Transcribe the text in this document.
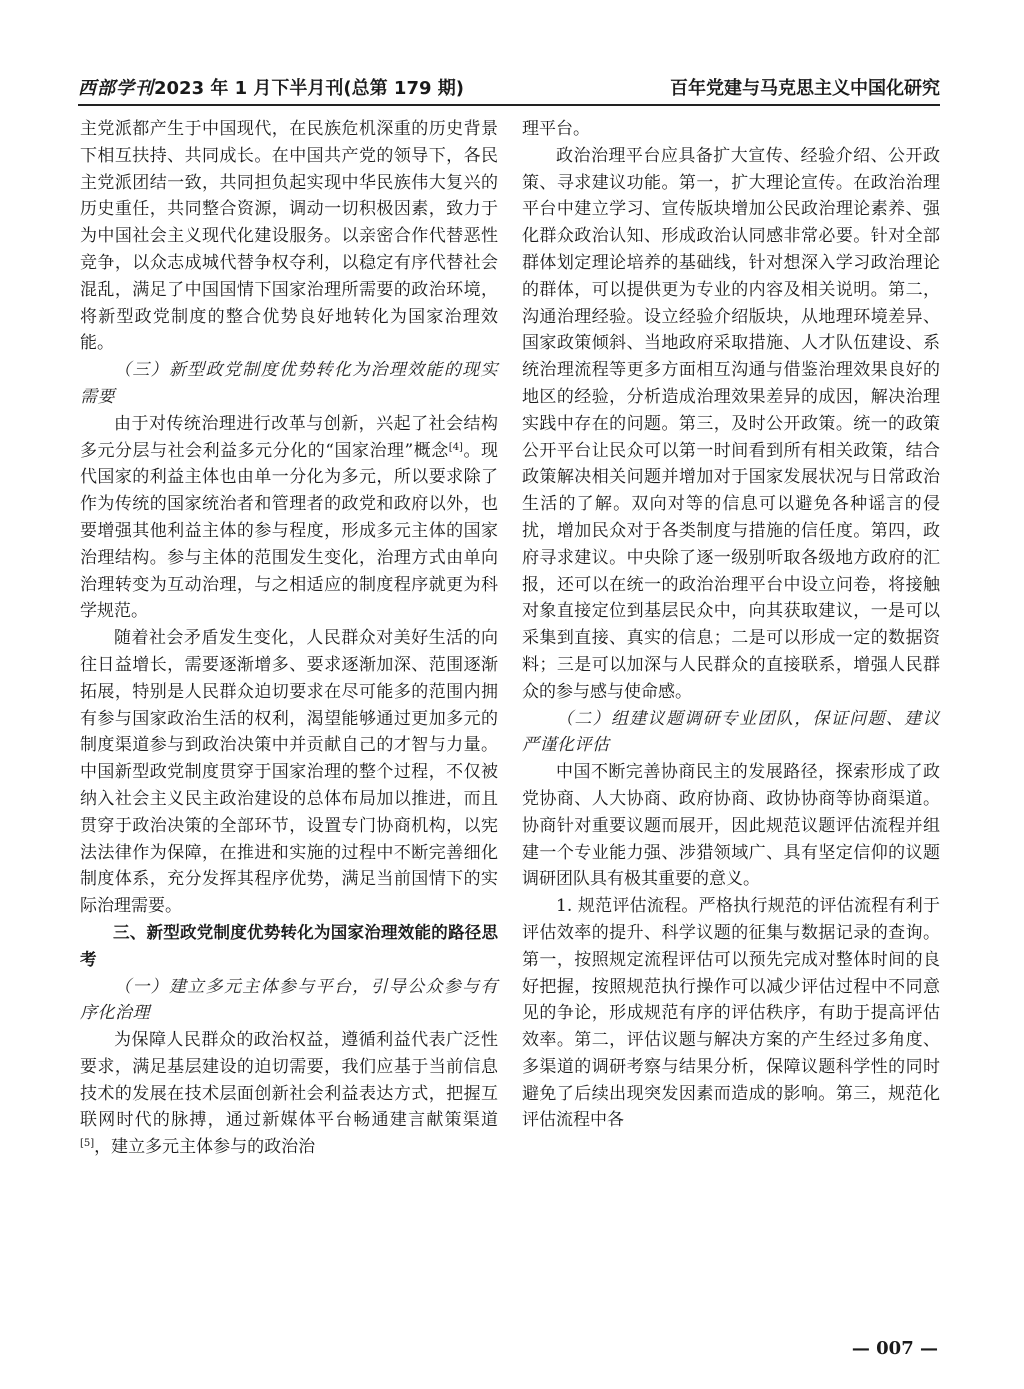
西部学刊2023 年 1 月下半月刊(总第 179 期)	百年党建与马克思主义中国化研究

主党派都产生于中国现代，在民族危机深重的历史背景下相互扶持、共同成长。在中国共产党的领导下，各民主党派团结一致，共同担负起实现中华民族伟大复兴的历史重任，共同整合资源，调动一切积极因素，致力于为中国社会主义现代化建设服务。以亲密合作代替恶性竞争，以众志成城代替争权夺利，以稳定有序代替社会混乱，满足了中国国情下国家治理所需要的政治环境，将新型政党制度的整合优势良好地转化为国家治理效能。

（三）新型政党制度优势转化为治理效能的现实需要

由于对传统治理进行改革与创新，兴起了社会结构多元分层与社会利益多元分化的“国家治理”概念[4]。现代国家的利益主体也由单一分化为多元，所以要求除了作为传统的国家统治者和管理者的政党和政府以外，也要增强其他利益主体的参与程度，形成多元主体的国家治理结构。参与主体的范围发生变化，治理方式由单向治理转变为互动治理，与之相适应的制度程序就更为科学规范。

随着社会矛盾发生变化，人民群众对美好生活的向往日益增长，需要逐渐增多、要求逐渐加深、范围逐渐拓展，特别是人民群众迫切要求在尽可能多的范围内拥有参与国家政治生活的权利，渴望能够通过更加多元的制度渠道参与到政治决策中并贡献自己的才智与力量。中国新型政党制度贯穿于国家治理的整个过程，不仅被纳入社会主义民主政治建设的总体布局加以推进，而且贯穿于政治决策的全部环节，设置专门协商机构，以宪法法律作为保障，在推进和实施的过程中不断完善细化制度体系，充分发挥其程序优势，满足当前国情下的实际治理需要。

三、新型政党制度优势转化为国家治理效能的路径思考

（一）建立多元主体参与平台，引导公众参与有序化治理

为保障人民群众的政治权益，遵循利益代表广泛性要求，满足基层建设的迫切需要，我们应基于当前信息技术的发展在技术层面创新社会利益表达方式，把握互联网时代的脉搏，通过新媒体平台畅通建言献策渠道[5]，建立多元主体参与的政治治

理平台。

政治治理平台应具备扩大宣传、经验介绍、公开政策、寻求建议功能。第一，扩大理论宣传。在政治治理平台中建立学习、宣传版块增加公民政治理论素养、强化群众政治认知、形成政治认同感非常必要。针对全部群体划定理论培养的基础线，针对想深入学习政治理论的群体，可以提供更为专业的内容及相关说明。第二，沟通治理经验。设立经验介绍版块，从地理环境差异、国家政策倾斜、当地政府采取措施、人才队伍建设、系统治理流程等更多方面相互沟通与借鉴治理效果良好的地区的经验，分析造成治理效果差异的成因，解决治理实践中存在的问题。第三，及时公开政策。统一的政策公开平台让民众可以第一时间看到所有相关政策，结合政策解决相关问题并增加对于国家发展状况与日常政治生活的了解。双向对等的信息可以避免各种谣言的侵扰，增加民众对于各类制度与措施的信任度。第四，政府寻求建议。中央除了逐一级别听取各级地方政府的汇报，还可以在统一的政治治理平台中设立问卷，将接触对象直接定位到基层民众中，向其获取建议，一是可以采集到直接、真实的信息；二是可以形成一定的数据资料；三是可以加深与人民群众的直接联系，增强人民群众的参与感与使命感。

（二）组建议题调研专业团队，保证问题、建议严谨化评估

中国不断完善协商民主的发展路径，探索形成了政党协商、人大协商、政府协商、政协协商等协商渠道。协商针对重要议题而展开，因此规范议题评估流程并组建一个专业能力强、涉猎领域广、具有坚定信仰的议题调研团队具有极其重要的意义。

1. 规范评估流程。严格执行规范的评估流程有利于评估效率的提升、科学议题的征集与数据记录的查询。第一，按照规定流程评估可以预先完成对整体时间的良好把握，按照规范执行操作可以减少评估过程中不同意见的争论，形成规范有序的评估秩序，有助于提高评估效率。第二，评估议题与解决方案的产生经过多角度、多渠道的调研考察与结果分析，保障议题科学性的同时避免了后续出现突发因素而造成的影响。第三，规范化评估流程中各

— 007 —
